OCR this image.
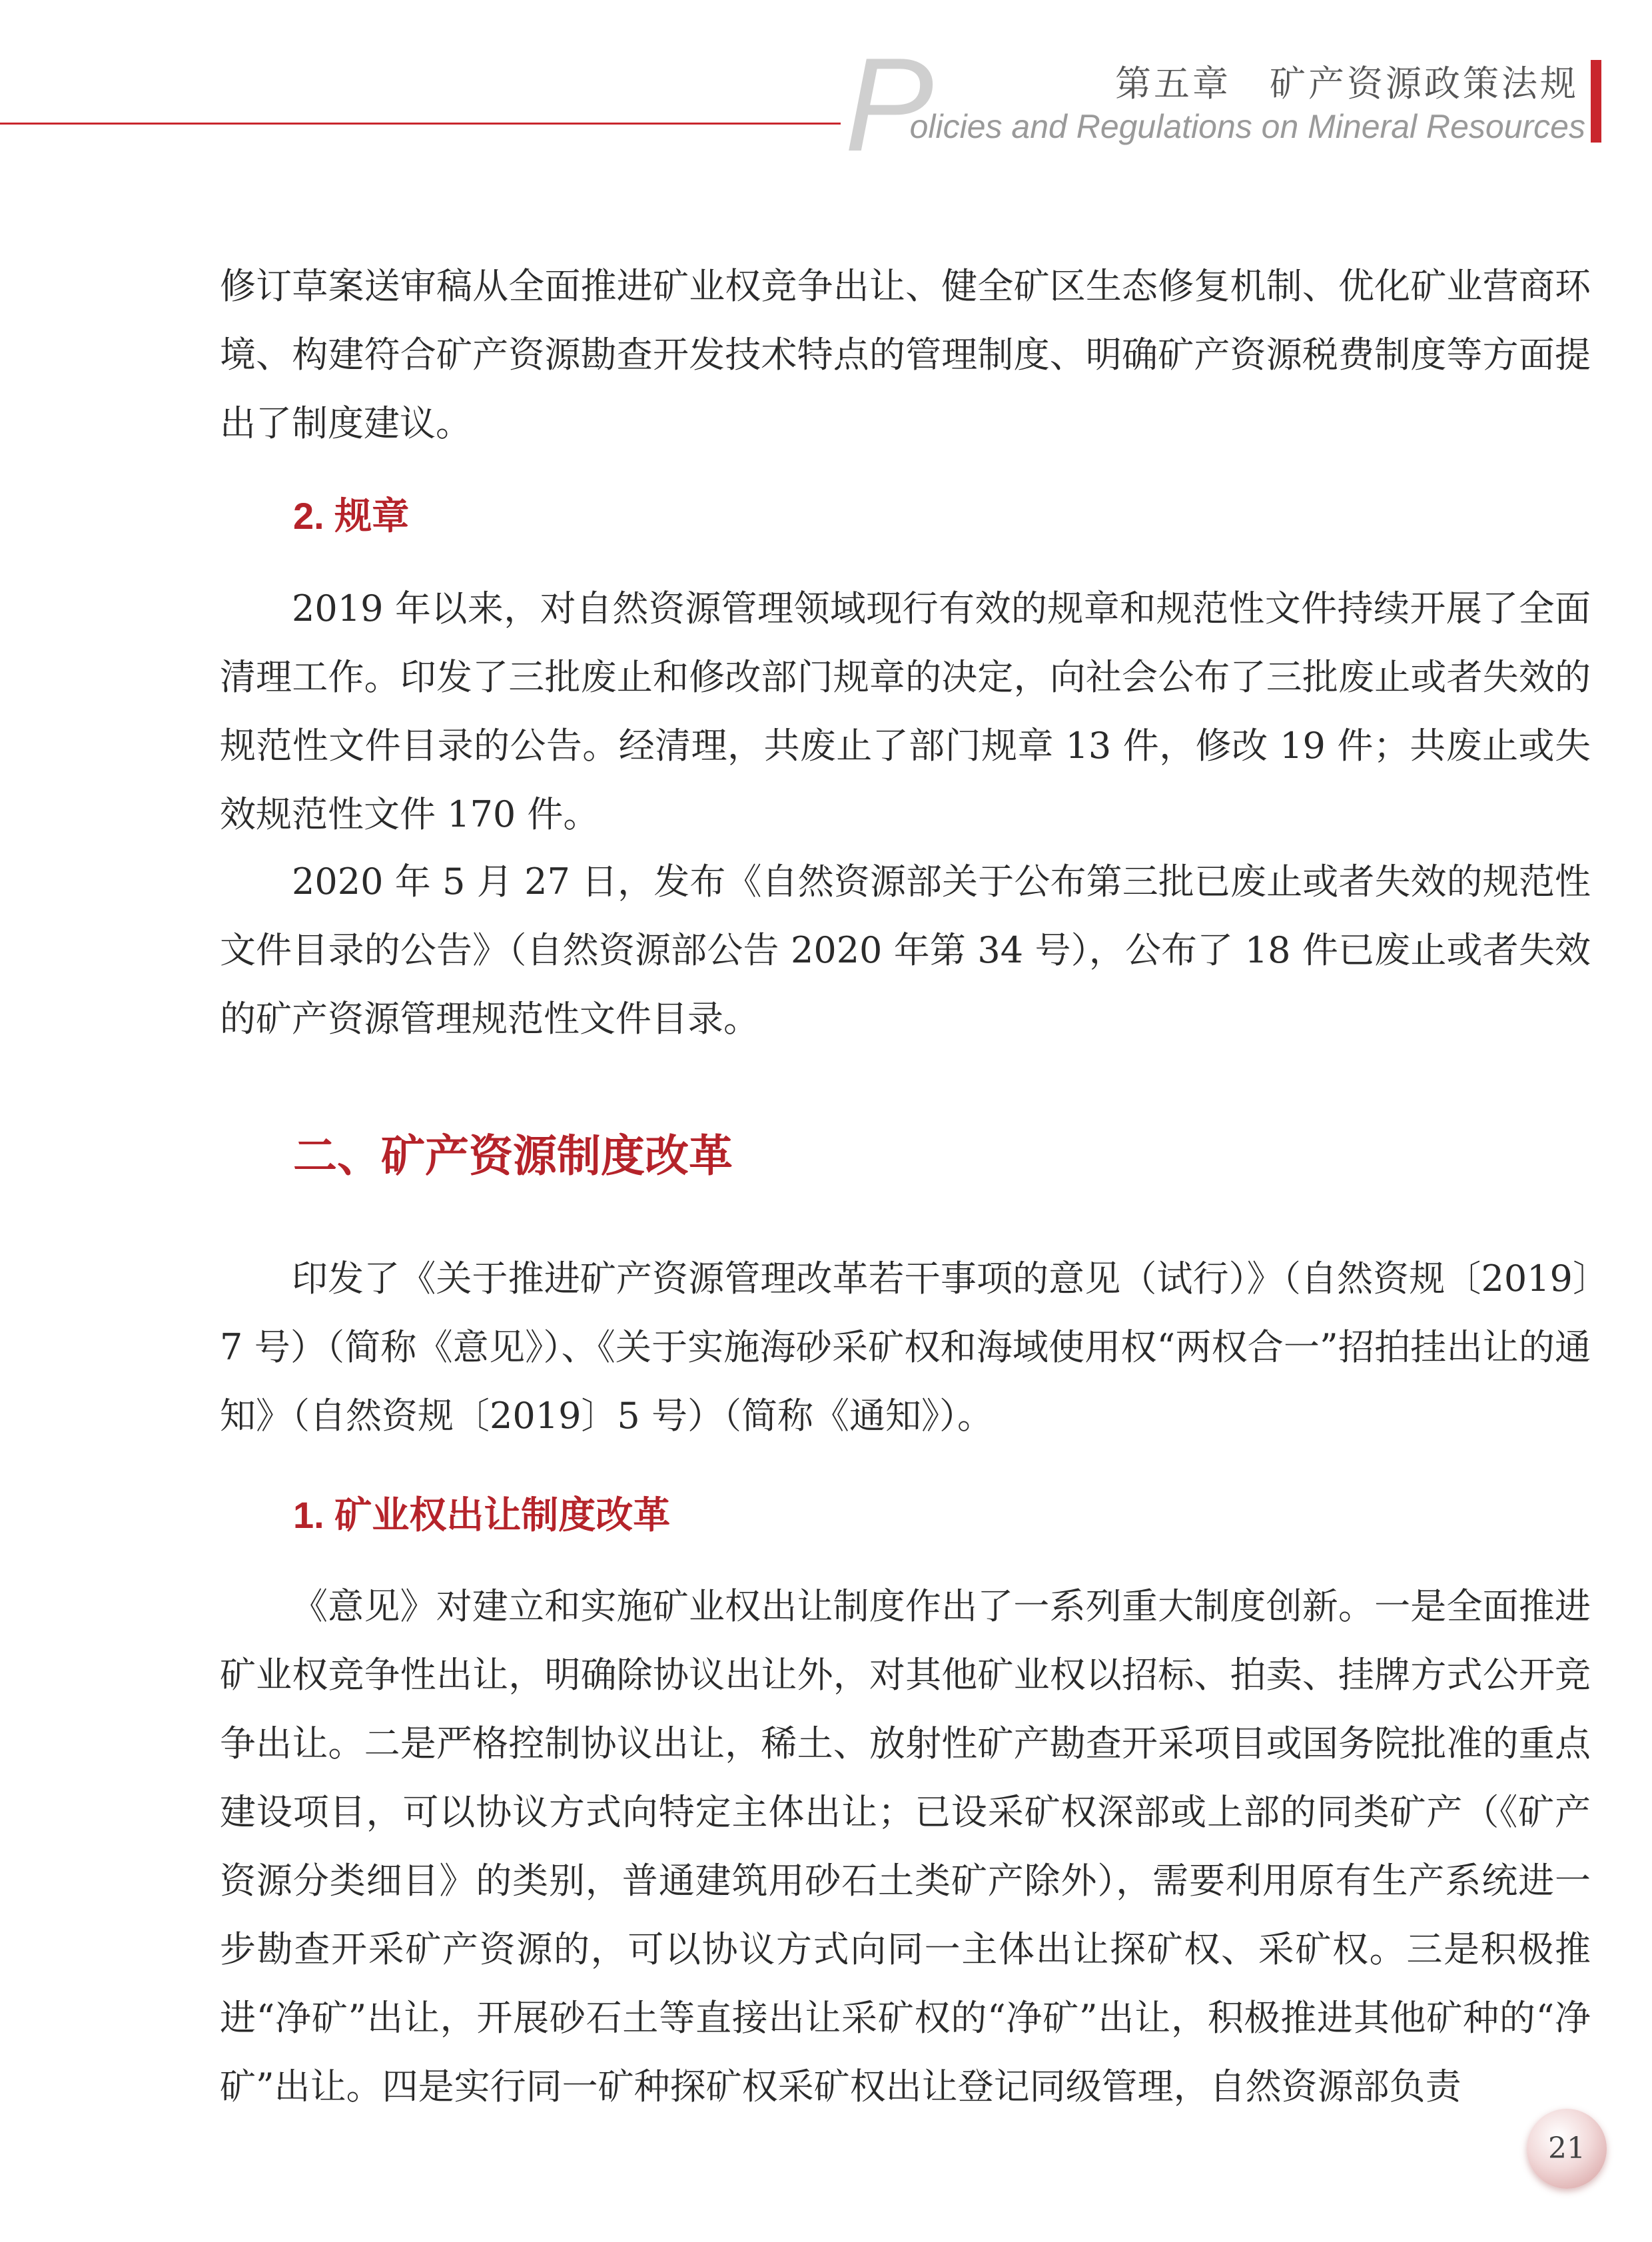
P	第五章　矿产资源政策法规
olicies and Regulations on Mineral Resources

修订草案送审稿从全面推进矿业权竞争出让、健全矿区生态修复机制、优化矿业营商环境、构建符合矿产资源勘查开发技术特点的管理制度、明确矿产资源税费制度等方面提出了制度建议。

2. 规章

2019 年以来，对自然资源管理领域现行有效的规章和规范性文件持续开展了全面清理工作。印发了三批废止和修改部门规章的决定，向社会公布了三批废止或者失效的规范性文件目录的公告。经清理，共废止了部门规章 13 件，修改 19 件；共废止或失效规范性文件 170 件。

2020 年 5 月 27 日，发布《自然资源部关于公布第三批已废止或者失效的规范性文件目录的公告》（自然资源部公告 2020 年第 34 号），公布了 18 件已废止或者失效的矿产资源管理规范性文件目录。

二、矿产资源制度改革

印发了《关于推进矿产资源管理改革若干事项的意见（试行）》（自然资规〔2019〕7 号）（简称《意见》）、《关于实施海砂采矿权和海域使用权“两权合一”招拍挂出让的通知》（自然资规〔2019〕5 号）（简称《通知》）。

1. 矿业权出让制度改革

《意见》对建立和实施矿业权出让制度作出了一系列重大制度创新。一是全面推进矿业权竞争性出让，明确除协议出让外，对其他矿业权以招标、拍卖、挂牌方式公开竞争出让。二是严格控制协议出让，稀土、放射性矿产勘查开采项目或国务院批准的重点建设项目，可以协议方式向特定主体出让；已设采矿权深部或上部的同类矿产（《矿产资源分类细目》的类别，普通建筑用砂石土类矿产除外），需要利用原有生产系统进一步勘查开采矿产资源的，可以协议方式向同一主体出让探矿权、采矿权。三是积极推进“净矿”出让，开展砂石土等直接出让采矿权的“净矿”出让，积极推进其他矿种的“净矿”出让。四是实行同一矿种探矿权采矿权出让登记同级管理，自然资源部负责

21
